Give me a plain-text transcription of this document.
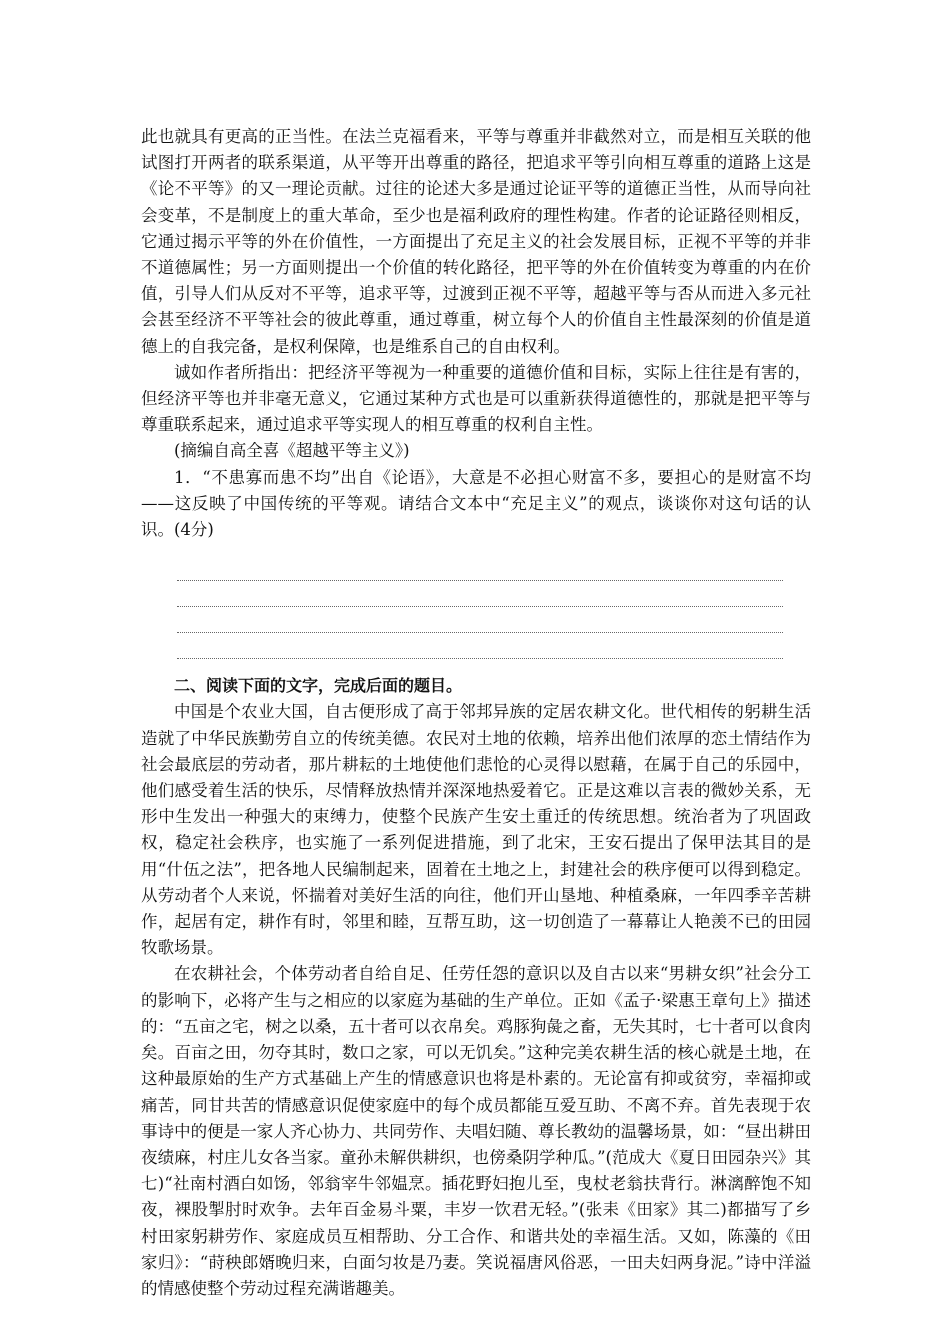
此也就具有更高的正当性。在法兰克福看来，平等与尊重并非截然对立，而是相互关联的他试图打开两者的联系渠道，从平等开出尊重的路径，把追求平等引向相互尊重的道路上这是《论不平等》的又一理论贡献。过往的论述大多是通过论证平等的道德正当性，从而导向社会变革，不是制度上的重大革命，至少也是福利政府的理性构建。作者的论证路径则相反，它通过揭示平等的外在价值性，一方面提出了充足主义的社会发展目标，正视不平等的并非不道德属性；另一方面则提出一个价值的转化路径，把平等的外在价值转变为尊重的内在价值，引导人们从反对不平等，追求平等，过渡到正视不平等，超越平等与否从而进入多元社会甚至经济不平等社会的彼此尊重，通过尊重，树立每个人的价值自主性最深刻的价值是道德上的自我完备，是权利保障，也是维系自己的自由权利。

诚如作者所指出：把经济平等视为一种重要的道德价值和目标，实际上往往是有害的，但经济平等也并非毫无意义，它通过某种方式也是可以重新获得道德性的，那就是把平等与尊重联系起来，通过追求平等实现人的相互尊重的权利自主性。

(摘编自高全喜《超越平等主义》)

1．“不患寡而患不均”出自《论语》，大意是不必担心财富不多，要担心的是财富不均——这反映了中国传统的平等观。请结合文本中“充足主义”的观点，谈谈你对这句话的认识。(4分)

二、阅读下面的文字，完成后面的题目。

中国是个农业大国，自古便形成了高于邻邦异族的定居农耕文化。世代相传的躬耕生活造就了中华民族勤劳自立的传统美德。农民对土地的依赖，培养出他们浓厚的恋土情结作为社会最底层的劳动者，那片耕耘的土地使他们悲怆的心灵得以慰藉，在属于自己的乐园中，他们感受着生活的快乐，尽情释放热情并深深地热爱着它。正是这难以言表的微妙关系，无形中生发出一种强大的束缚力，使整个民族产生安土重迁的传统思想。统治者为了巩固政权，稳定社会秩序，也实施了一系列促进措施，到了北宋，王安石提出了保甲法其目的是用“什伍之法”，把各地人民编制起来，固着在土地之上，封建社会的秩序便可以得到稳定。从劳动者个人来说，怀揣着对美好生活的向往，他们开山垦地、种植桑麻，一年四季辛苦耕作，起居有定，耕作有时，邻里和睦，互帮互助，这一切创造了一幕幕让人艳羡不已的田园牧歌场景。

在农耕社会，个体劳动者自给自足、任劳任怨的意识以及自古以来“男耕女织”社会分工的影响下，必将产生与之相应的以家庭为基础的生产单位。正如《孟子·梁惠王章句上》描述的：“五亩之宅，树之以桑，五十者可以衣帛矣。鸡豚狗彘之畜，无失其时，七十者可以食肉矣。百亩之田，勿夺其时，数口之家，可以无饥矣。”这种完美农耕生活的核心就是土地，在这种最原始的生产方式基础上产生的情感意识也将是朴素的。无论富有抑或贫穷，幸福抑或痛苦，同甘共苦的情感意识促使家庭中的每个成员都能互爱互助、不离不弃。首先表现于农事诗中的便是一家人齐心协力、共同劳作、夫唱妇随、尊长教幼的温馨场景，如：“昼出耕田夜绩麻，村庄儿女各当家。童孙未解供耕织，也傍桑阴学种瓜。”(范成大《夏日田园杂兴》其七)“社南村酒白如饧，邻翁宰牛邻媪烹。插花野妇抱儿至，曳杖老翁扶背行。淋漓醉饱不知夜，裸股掣肘时欢争。去年百金易斗粟，丰岁一饮君无轻。”(张耒《田家》其二)都描写了乡村田家躬耕劳作、家庭成员互相帮助、分工合作、和谐共处的幸福生活。又如，陈藻的《田家归》：“莳秧郎婿晚归来，白面匀妆是乃妻。笑说福唐风俗恶，一田夫妇两身泥。”诗中洋溢的情感使整个劳动过程充满谐趣美。
